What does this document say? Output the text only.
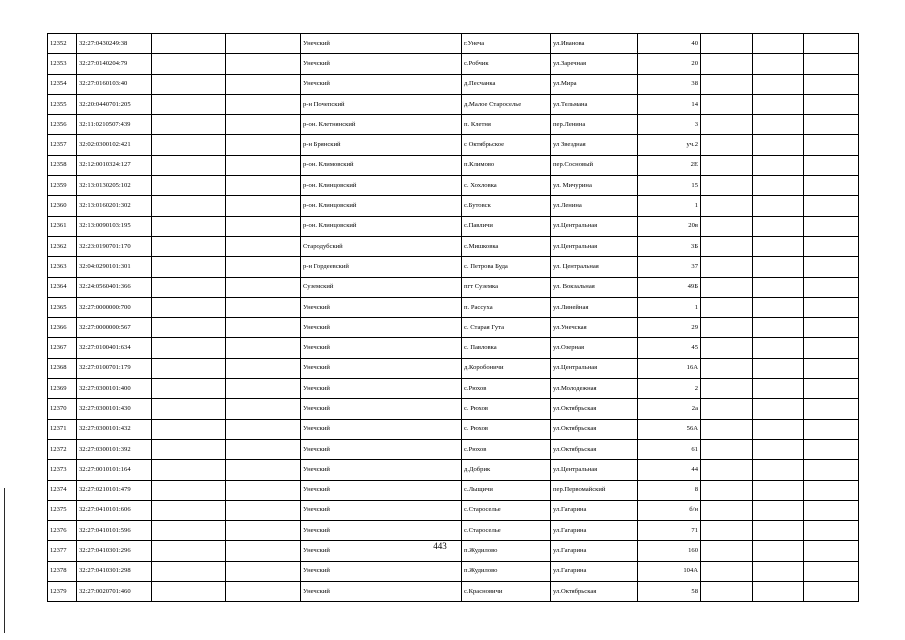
12352	32:27:0430249:38			Унечский	г.Унеча	ул.Иванова	40			
12353	32:27:0140204:79			Унечский	с.Робчик	ул.Заречная	20			
12354	32:27:0160103:40			Унечский	д.Песчанка	ул.Мира	38			
12355	32:20:0440701:205			р-н Почепский	д.Малое Староселье	ул.Тельмана	14			
12356	32:11:0210507:439			р-он. Клетнянский	п. Клетня	пер.Ленина	3			
12357	32:02:0300102:421			р-н Брянский	с Октябрьское	ул Звездная	уч.2			
12358	32:12:0010324:127			р-он. Климовский	п.Климово	пер.Сосновый	2Е			
12359	32:13:0130205:102			р-он. Клинцовский	с. Хохловка	ул. Мичурина	15			
12360	32:13:0160201:302			р-он. Клинцовский	с.Бутовск	ул.Ленина	1			
12361	32:13:0090103:195			р-он. Клинцовский	с.Павличи	ул.Центральная	20в			
12362	32:23:0190701:170			Стародубский	с.Мишковка	ул.Центральная	3Б			
12363	32:04:0290101:301			р-н Гордеевский	с. Петрова Буда	ул. Центральная	37			
12364	32:24:0560401:366			Суземский	пгт Суземка	ул. Вокзальная	49Б			
12365	32:27:0000000:700			Унечский	п. Рассуха	ул.Линейная	1			
12366	32:27:0000000:567			Унечский	с. Старая Гута	ул.Унечская	29			
12367	32:27:0100401:634			Унечский	с. Павловка	ул.Озерная	45			
12368	32:27:0100701:179			Унечский	д.Коробоничи	ул.Центральная	16А			
12369	32:27:0300101:400			Унечский	с.Рюхов	ул.Молодежная	2			
12370	32:27:0300101:430			Унечский	с. Рюхов	ул.Октябрьская	2а			
12371	32:27:0300101:432			Унечский	с. Рюхов	ул.Октябрьская	56А			
12372	32:27:0300101:392			Унечский	с.Рюхов	ул.Октябрьская	61			
12373	32:27:0010101:164			Унечский	д.Добрик	ул.Центральная	44			
12374	32:27:0210101:479			Унечский	с.Лыщичи	пер.Первомайский	8			
12375	32:27:0410101:606			Унечский	с.Староселье	ул.Гагарина	б/н			
12376	32:27:0410101:596			Унечский	с.Староселье	ул.Гагарина	71			
12377	32:27:0410301:296			Унечский	п.Жудилово	ул.Гагарина	160			
12378	32:27:0410301:298			Унечский	п.Жудилово	ул.Гагарина	104А			
12379	32:27:0020701:460			Унечский	с.Красновичи	ул.Октябрьская	58			
443
